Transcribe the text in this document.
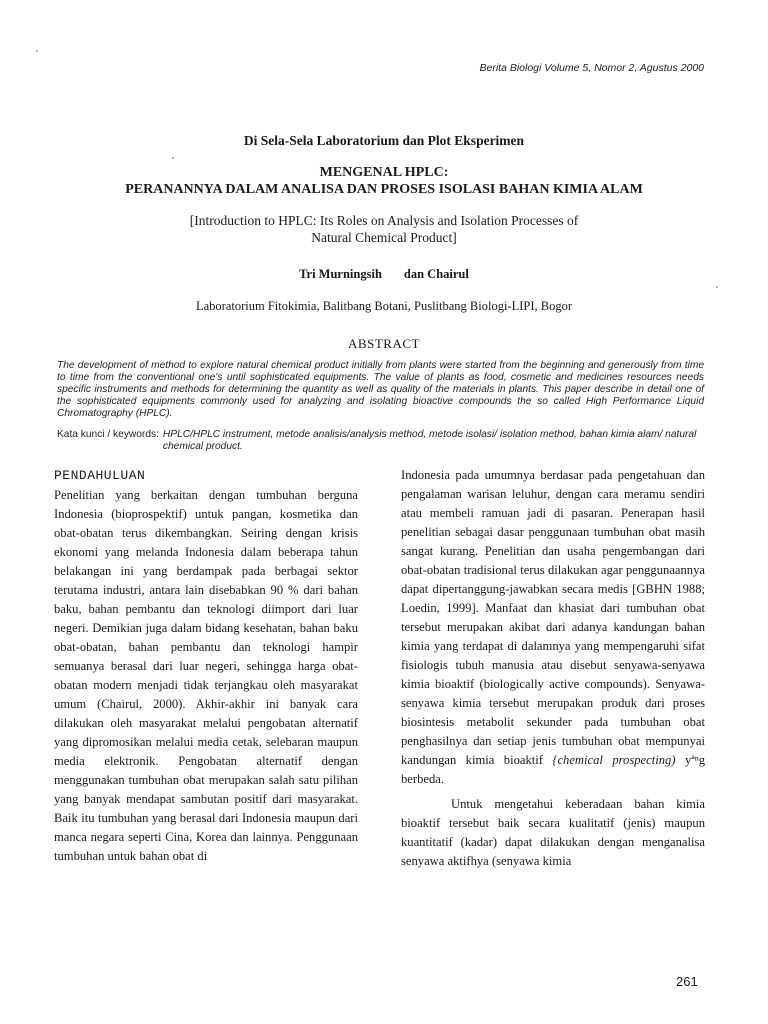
Berita Biologi Volume 5, Nomor 2, Agustus 2000
Di Sela-Sela Laboratorium dan Plot Eksperimen
MENGENAL HPLC:
PERANANNYA DALAM ANALISA DAN PROSES ISOLASI BAHAN KIMIA ALAM
[Introduction to HPLC: Its Roles on Analysis and Isolation Processes of
Natural Chemical Product]
Tri Murningsih dan Chairul
Laboratorium Fitokimia, Balitbang Botani, Puslitbang Biologi-LIPI, Bogor
ABSTRACT
The development of method to explore natural chemical product initially from plants were started from the beginning and generously from time to time from the conventional one's until sophisticated equipments. The value of plants as food, cosmetic and medicines resources needs specific instruments and methods for determining the quantity as well as quality of the materials in plants. This paper describe in detail one of the sophisticated equipments commonly used for analyzing and isolating bioactive compounds the so called High Performance Liquid Chromatography (HPLC).
Kata kunci / keywords: HPLC/HPLC instrument, metode analisis/analysis method, metode isolasi/ isolation method, bahan kimia alam/ natural chemical product.
PENDAHULUAN

Penelitian yang berkaitan dengan tumbuhan berguna Indonesia (bioprospektif) untuk pangan, kosmetika dan obat-obatan terus dikembangkan. Seiring dengan krisis ekonomi yang melanda Indonesia dalam beberapa tahun belakangan ini yang berdampak pada berbagai sektor terutama industri, antara lain disebabkan 90 % dari bahan baku, bahan pembantu dan teknologi diimport dari luar negeri. Demikian juga dalam bidang kesehatan, bahan baku obat-obatan, bahan pembantu dan teknologi hampir semuanya berasal dari luar negeri, sehingga harga obat-obatan modern menjadi tidak terjangkau oleh masyarakat umum (Chairul, 2000). Akhir-akhir ini banyak cara dilakukan oleh masyarakat melalui pengobatan alternatif yang dipromosikan melalui media cetak, selebaran maupun media elektronik. Pengobatan alternatif dengan menggunakan tumbuhan obat merupakan salah satu pilihan yang banyak mendapat sambutan positif dari masyarakat. Baik itu tumbuhan yang berasal dari Indonesia maupun dari manca negara seperti Cina, Korea dan lainnya. Penggunaan tumbuhan untuk bahan obat di

Indonesia pada umumnya berdasar pada pengetahuan dan pengalaman warisan leluhur, dengan cara meramu sendiri atau membeli ramuan jadi di pasaran. Penerapan hasil penelitian sebagai dasar penggunaan tumbuhan obat masih sangat kurang. Penelitian dan usaha pengembangan dari obat-obatan tradisional terus dilakukan agar penggunaannya dapat dipertanggung-jawabkan secara medis [GBHN 1988; Loedin, 1999]. Manfaat dan khasiat dari tumbuhan obat tersebut merupakan akibat dari adanya kandungan bahan kimia yang terdapat di dalamnya yang mempengaruhi sifat fisiologis tubuh manusia atau disebut senyawa-senyawa kimia bioaktif (biologically active compounds). Senyawa-senyawa kimia tersebut merupakan produk dari proses biosintesis metabolit sekunder pada tumbuhan obat penghasilnya dan setiap jenis tumbuhan obat mempunyai kandungan kimia bioaktif {chemical prospecting) yªⁿg berbeda.

Untuk mengetahui keberadaan bahan kimia bioaktif tersebut baik secara kualitatif (jenis) maupun kuantitatif (kadar) dapat dilakukan dengan menganalisa senyawa aktifhya (senyawa kimia

261
